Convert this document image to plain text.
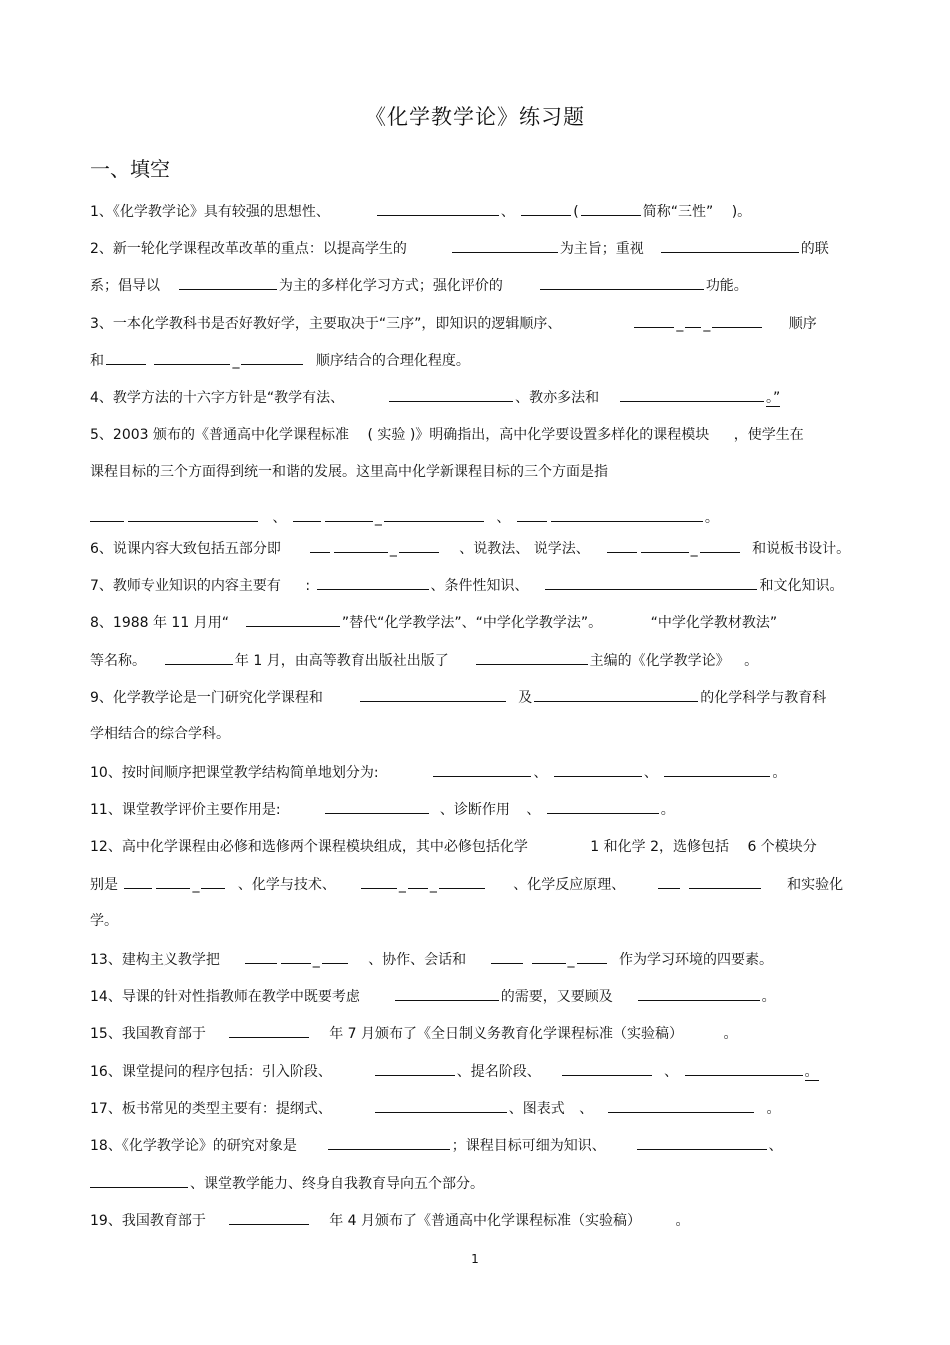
《化学教学论》练习题
一、填空
1、《化学教学论》具有较强的思想性、	、	(	简称“三性” )。
2、新一轮化学课程改革改革的重点：以提高学生的	为主旨；重视	的联
系；倡导以	为主的多样化学习方式；强化评价的	功能。
3、一本化学教科书是否好教好学，主要取决于“三序”，即知识的逻辑顺序、	_ _	顺序
和	_	顺序结合的合理化程度。
4、教学方法的十六字方针是“教学有法、	、教亦多法和	。”
5、2003 颁布的《普通高中化学课程标准 ( 实验 )》明确指出，高中化学要设置多样化的课程模块 ，使学生在
课程目标的三个方面得到统一和谐的发展。这里高中化学新课程目标的三个方面是指
、	_	、	。
6、说课内容大致包括五部分即	_	、说教法、 说学法、	_	和说板书设计。
7、教师专业知识的内容主要有 :	、条件性知识、	和文化知识。
8、1988 年 11 月用“	”替代“化学教学法”、“中学化学教学法”。	“中学化学教材教法”
等名称。	年 1 月，由高等教育出版社出版了	主编的《化学教学论》 。
9、化学教学论是一门研究化学课程和	及	的化学科学与教育科
学相结合的综合学科。
10、按时间顺序把课堂教学结构简单地划分为:	、	、	。
11、课堂教学评价主要作用是:	、诊断作用 、	。
12、高中化学课程由必修和选修两个课程模块组成，其中必修包括化学	1 和化学 2，选修包括 6 个模块分
别是	_	、化学与技术、	_ _	、化学反应原理、	和实验化
学。
13、建构主义教学把	_	、协作、会话和	_	作为学习环境的四要素。
14、导课的针对性指教师在教学中既要考虑	的需要，又要顾及	。
15、我国教育部于	年 7 月颁布了《全日制义务教育化学课程标准（实验稿）	。
16、课堂提问的程序包括：引入阶段、	、提名阶段、	、	。
17、板书常见的类型主要有：提纲式、	、图表式 、	。
18、《化学教学论》的研究对象是	；课程目标可细为知识、	、
、课堂教学能力、终身自我教育导向五个部分。
19、我国教育部于	年 4 月颁布了《普通高中化学课程标准（实验稿） 。
1
